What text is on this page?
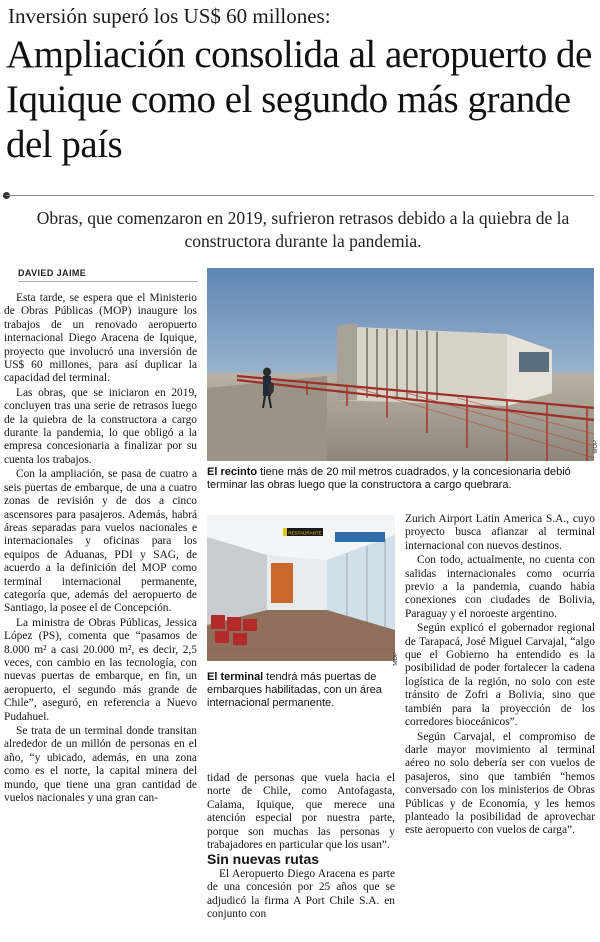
Inversión superó los US$ 60 millones:
Ampliación consolida al aeropuerto de Iquique como el segundo más grande del país
Obras, que comenzaron en 2019, sufrieron retrasos debido a la quiebra de la constructora durante la pandemia.
DAVIED JAIME
MOP
El recinto tiene más de 20 mil metros cuadrados, y la concesionaria debió terminar las obras luego que la constructora a cargo quebrara.
RESTAURANTE
MOP
El terminal tendrá más puertas de embarques habilitadas, con un área internacional permanente.

Esta tarde, se espera que el Ministerio de Obras Públicas (MOP) inaugure los trabajos de un renovado aeropuerto internacional Diego Aracena de Iquique, proyecto que involucró una inversión de US$ 60 millones, para así duplicar la capacidad del terminal.

Las obras, que se iniciaron en 2019, concluyen tras una serie de retrasos luego de la quiebra de la constructora a cargo durante la pandemia, lo que obligó a la empresa concesionaria a finalizar por su cuenta los trabajos.

Con la ampliación, se pasa de cuatro a seis puertas de embarque, de una a cuatro zonas de revisión y de dos a cinco ascensores para pasajeros. Además, habrá áreas separadas para vuelos nacionales e internacionales y oficinas para los equipos de Aduanas, PDI y SAG, de acuerdo a la definición del MOP como terminal internacional permanente, categoría que, además del aeropuerto de Santiago, la posee el de Concepción.

La ministra de Obras Públicas, Jessica López (PS), comenta que “pasamos de 8.000 m² a casi 20.000 m², es decir, 2,5 veces, con cambio en las tecnología, con nuevas puertas de embarque, en fin, un aeropuerto, el segundo más grande de Chile”, aseguró, en referencia a Nuevo Pudahuel.

Se trata de un terminal donde transitan alrededor de un millón de personas en el año, “y ubicado, además, en una zona como es el norte, la capital minera del mundo, que tiene una gran cantidad de vuelos nacionales y una gran can-

tidad de personas que vuela hacia el norte de Chile, como Antofagasta, Calama, Iquique, que merece una atención especial por nuestra parte, porque son muchas las personas y trabajadores en particular que los usan”.

Sin nuevas rutas

El Aeropuerto Diego Aracena es parte de una concesión por 25 años que se adjudicó la firma A Port Chile S.A. en conjunto con

Zurich Airport Latin America S.A., cuyo proyecto busca afianzar al terminal internacional con nuevos destinos.

Con todo, actualmente, no cuenta con salidas internacionales como ocurría previo a la pandemia, cuando había conexiones con ciudades de Bolivia, Paraguay y el noroeste argentino.

Según explicó el gobernador regional de Tarapacá, José Miguel Carvajal, “algo que el Gobierno ha entendido es la posibilidad de poder fortalecer la cadena logística de la región, no solo con este tránsito de Zofri a Bolivia, sino que también para la proyección de los corredores bioceánicos”.

Según Carvajal, el compromiso de darle mayor movimiento al terminal aéreo no solo debería ser con vuelos de pasajeros, sino que también “hemos conversado con los ministerios de Obras Públicas y de Economía, y les hemos planteado la posibilidad de aprovechar este aeropuerto con vuelos de carga”.
